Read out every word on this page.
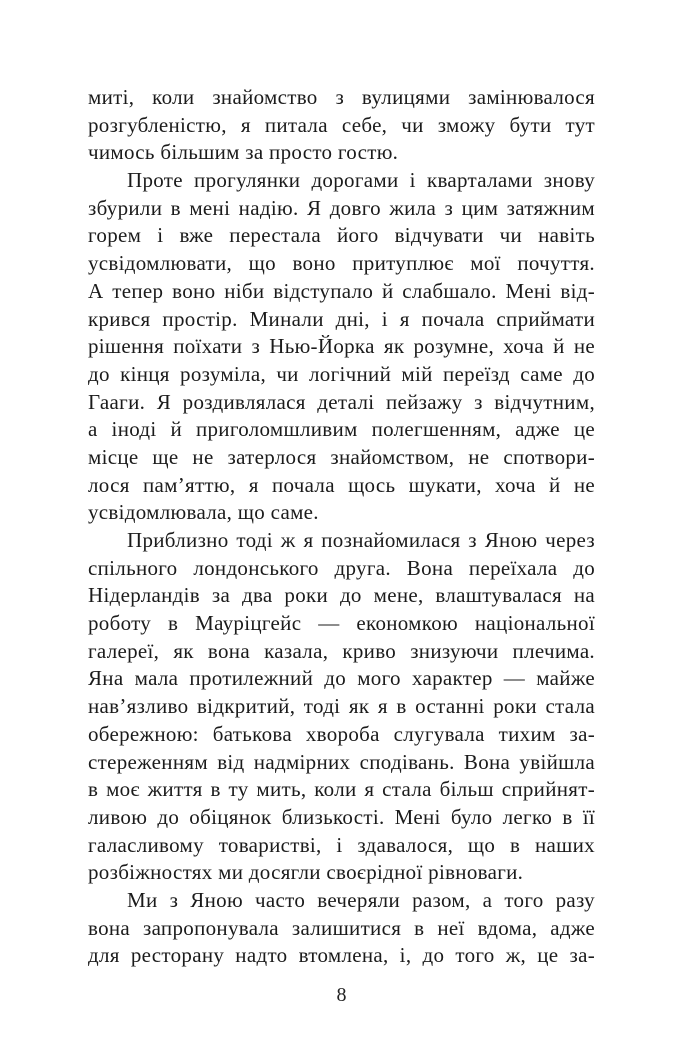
миті, коли знайомство з вулицями замінювалося
розгубленістю, я питала себе, чи зможу бути тут
чимось більшим за просто гостю.
Проте прогулянки дорогами і кварталами знову
збурили в мені надію. Я довго жила з цим затяжним
горем і вже перестала його відчувати чи навіть
усвідомлювати, що воно притуплює мої почуття.
А тепер воно ніби відступало й слабшало. Мені від-
крився простір. Минали дні, і я почала сприймати
рішення поїхати з Нью-Йорка як розумне, хоча й не
до кінця розуміла, чи логічний мій переїзд саме до
Гааги. Я роздивлялася деталі пейзажу з відчутним,
а іноді й приголомшливим полегшенням, адже це
місце ще не затерлося знайомством, не спотвори-
лося пам’яттю, я почала щось шукати, хоча й не
усвідомлювала, що саме.
Приблизно тоді ж я познайомилася з Яною через
спільного лондонського друга. Вона переїхала до
Нідерландів за два роки до мене, влаштувалася на
роботу в Мауріцгейс — економкою національної
галереї, як вона казала, криво знизуючи плечима.
Яна мала протилежний до мого характер — майже
нав’язливо відкритий, тоді як я в останні роки стала
обережною: батькова хвороба слугувала тихим за-
стереженням від надмірних сподівань. Вона увійшла
в моє життя в ту мить, коли я стала більш сприйнят-
ливою до обіцянок близькості. Мені було легко в її
галасливому товаристві, і здавалося, що в наших
розбіжностях ми досягли своєрідної рівноваги.
Ми з Яною часто вечеряли разом, а того разу
вона запропонувала залишитися в неї вдома, адже
для ресторану надто втомлена, і, до того ж, це за-
8
